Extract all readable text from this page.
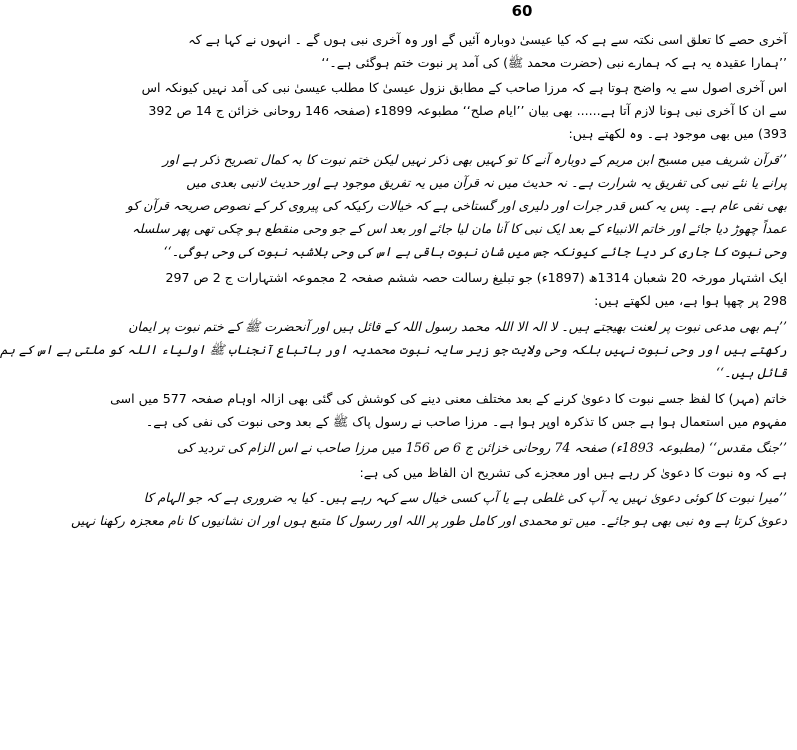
60
آخری حصے کا تعلق اسی نکتہ سے ہے کہ کیا عیسیٰ دوبارہ آئیں گے اور وہ آخری نبی ہوں گے ۔ انہوں نے کہا ہے کہ
’’ہمارا عقیدہ یہ ہے کہ ہمارے نبی (حضرت محمد ﷺ) کی آمد پر نبوت ختم ہوگئی ہے۔‘‘
اس آخری اصول سے یہ واضح ہوتا ہے کہ مرزا صاحب کے مطابق نزول عیسیٰ کا مطلب عیسیٰ نبی کی آمد نہیں کیونکہ اس
سے ان کا آخری نبی ہونا لازم آتا ہے...... بھی بیان ’’ایام صلح‘‘ مطبوعہ 1899ء (صفحہ 146 روحانی خزائن ج 14 ص 392
393) میں بھی موجود ہے۔ وہ لکھتے ہیں:
’’قرآن شریف میں مسیح ابن مریم کے دوبارہ آنے کا تو کہیں بھی ذکر نہیں لیکن ختم نبوت کا بہ کمال تصریح ذکر ہے اور
پرانے یا نئے نبی کی تفریق یہ شرارت ہے۔ نہ حدیث میں نہ قرآن میں یہ تفریق موجود ہے اور حدیث لانبی بعدی میں
بھی نفی عام ہے۔ پس یہ کس قدر جرات اور دلیری اور گستاخی ہے کہ خیالات رکیکہ کی پیروی کر کے نصوص صریحہ قرآن کو
عمداً چھوڑ دیا جائے اور خاتم الانبیاء کے بعد ایک نبی کا آنا مان لیا جائے اور بعد اس کے جو وحی منقطع ہو چکی تھی پھر سلسلہ
وحی نبوت کا جاری کر دیا جائے کیونکہ جس میں شان نبوت باقی ہے اس کی وحی بلاشبہ نبوت کی وحی ہوگی۔‘‘
ایک اشتہار مورخہ 20 شعبان 1314ھ (1897ء) جو تبلیغ رسالت حصہ ششم صفحہ 2 مجموعہ اشتہارات ج 2 ص 297
298 پر چھپا ہوا ہے، میں لکھتے ہیں:
’’ہم بھی مدعی نبوت پر لعنت بھیجتے ہیں۔ لا الہ الا اللہ محمد رسول اللہ کے قائل ہیں اور آنحضرت ﷺ کے ختم نبوت پر ایمان
رکھتے ہیں اور وحی نبوت نہیں بلکہ وحی ولایت جو زیر سایہ نبوت محمدیہ اور باتباع آنجناب ﷺ اولیاء اللہ کو ملتی ہے اس کے ہم
قائل ہیں۔‘‘
خاتم (مہر) کا لفظ جسے نبوت کا دعویٰ کرنے کے بعد مختلف معنی دینے کی کوشش کی گئی بھی ازالہ اوہام صفحہ 577 میں اسی
مفہوم میں استعمال ہوا ہے جس کا تذکرہ اوپر ہوا ہے۔ مرزا صاحب نے رسول پاک ﷺ کے بعد وحی نبوت کی نفی کی ہے۔
’’جنگ مقدس‘‘ (مطبوعہ 1893ء) صفحہ 74 روحانی خزائن ج 6 ص 156 میں مرزا صاحب نے اس الزام کی تردید کی
ہے کہ وہ نبوت کا دعویٰ کر رہے ہیں اور معجزے کی تشریح ان الفاظ میں کی ہے:
’’میرا نبوت کا کوئی دعویٰ نہیں یہ آپ کی غلطی ہے یا آپ کسی خیال سے کہہ رہے ہیں۔ کیا یہ ضروری ہے کہ جو الہام کا
دعویٰ کرتا ہے وہ نبی بھی ہو جائے۔ میں تو محمدی اور کامل طور پر اللہ اور رسول کا متبع ہوں اور ان نشانیوں کا نام معجزہ رکھنا نہیں
